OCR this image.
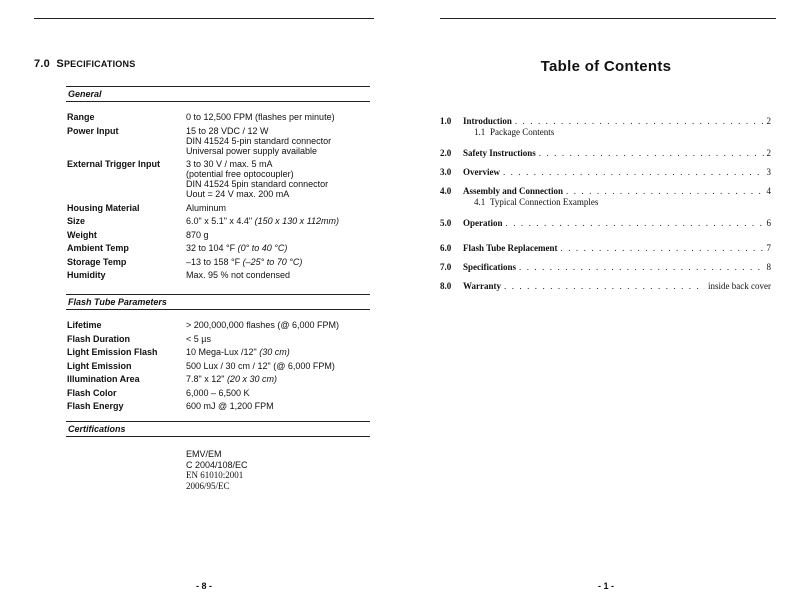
7.0 SPECIFICATIONS
General
Range	0 to 12,500 FPM (flashes per minute)
Power Input	15 to 28 VDC / 12 W
DIN 41524 5-pin standard connector
Universal power supply available
External Trigger Input	3 to 30 V / max. 5 mA
(potential free optocoupler)
DIN 41524 5pin standard connector
Uout = 24 V max. 200 mA
Housing Material	Aluminum
Size	6.0" x 5.1" x 4.4" (150 x 130 x 112mm)
Weight	870 g
Ambient Temp	32 to 104 °F (0° to 40 °C)
Storage Temp	–13 to 158 °F (–25° to 70 °C)
Humidity	Max. 95 % not condensed
Flash Tube Parameters
Lifetime	> 200,000,000 flashes (@ 6,000 FPM)
Flash Duration	< 5 µs
Light Emission Flash	10 Mega-Lux /12" (30 cm)
Light Emission	500 Lux / 30 cm / 12" (@ 6,000 FPM)
Illumination Area	7.8" x 12" (20 x 30 cm)
Flash Color	6,000 – 6,500 K
Flash Energy	600 mJ @ 1,200 FPM
Certifications
EMV/EM
C 2004/108/EC
EN 61010:2001
2006/95/EC
- 8 -
Table of Contents
1.0	Introduction . . .	2
1.1 Package Contents
2.0	Safety Instructions . . .	2
3.0	Overview . . .	3
4.0	Assembly and Connection . . .	4
4.1 Typical Connection Examples
5.0	Operation . . .	6
6.0	Flash Tube Replacement . . .	7
7.0	Specifications . . .	8
8.0	Warranty . . .	inside back cover
- 1 -
